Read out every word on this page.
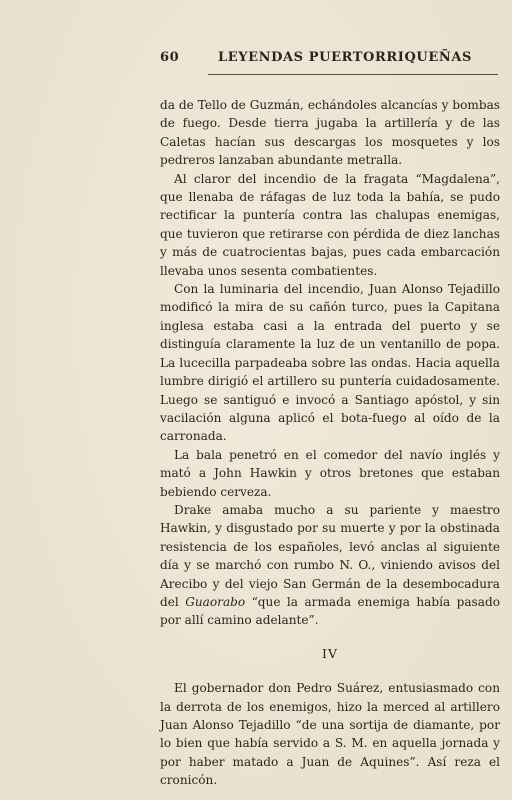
60	LEYENDAS PUERTORRIQUEÑAS

da de Tello de Guzmán, echándoles alcancías y bombas de fuego. Desde tierra jugaba la artillería y de las Caletas hacían sus descargas los mosquetes y los pedreros lanzaban abundante metralla.

Al claror del incendio de la fragata “Magdalena”, que llenaba de ráfagas de luz toda la bahía, se pudo rectificar la puntería contra las chalupas enemigas, que tuvieron que retirarse con pérdida de diez lanchas y más de cuatrocientas bajas, pues cada embarcación llevaba unos sesenta combatientes.

Con la luminaria del incendio, Juan Alonso Tejadillo modificó la mira de su cañón turco, pues la Capitana inglesa estaba casi a la entrada del puerto y se distinguía claramente la luz de un ventanillo de popa. La lucecilla parpadeaba sobre las ondas. Hacia aquella lumbre dirigió el artillero su puntería cuidadosamente. Luego se santiguó e invocó a Santiago apóstol, y sin vacilación alguna aplicó el bota-fuego al oído de la carronada.

La bala penetró en el comedor del navío inglés y mató a John Hawkin y otros bretones que estaban bebiendo cerveza.

Drake amaba mucho a su pariente y maestro Hawkin, y disgustado por su muerte y por la obstinada resistencia de los españoles, levó anclas al siguiente día y se marchó con rumbo N. O., viniendo avisos del Arecibo y del viejo San Germán de la desembocadura del Guaorabo “que la armada enemiga había pasado por allí camino adelante”.

IV

El gobernador don Pedro Suárez, entusiasmado con la derrota de los enemigos, hizo la merced al artillero Juan Alonso Tejadillo “de una sortija de diamante, por lo bien que había servido a S. M. en aquella jornada y por haber matado a Juan de Aquines”. Así reza el cronicón.
